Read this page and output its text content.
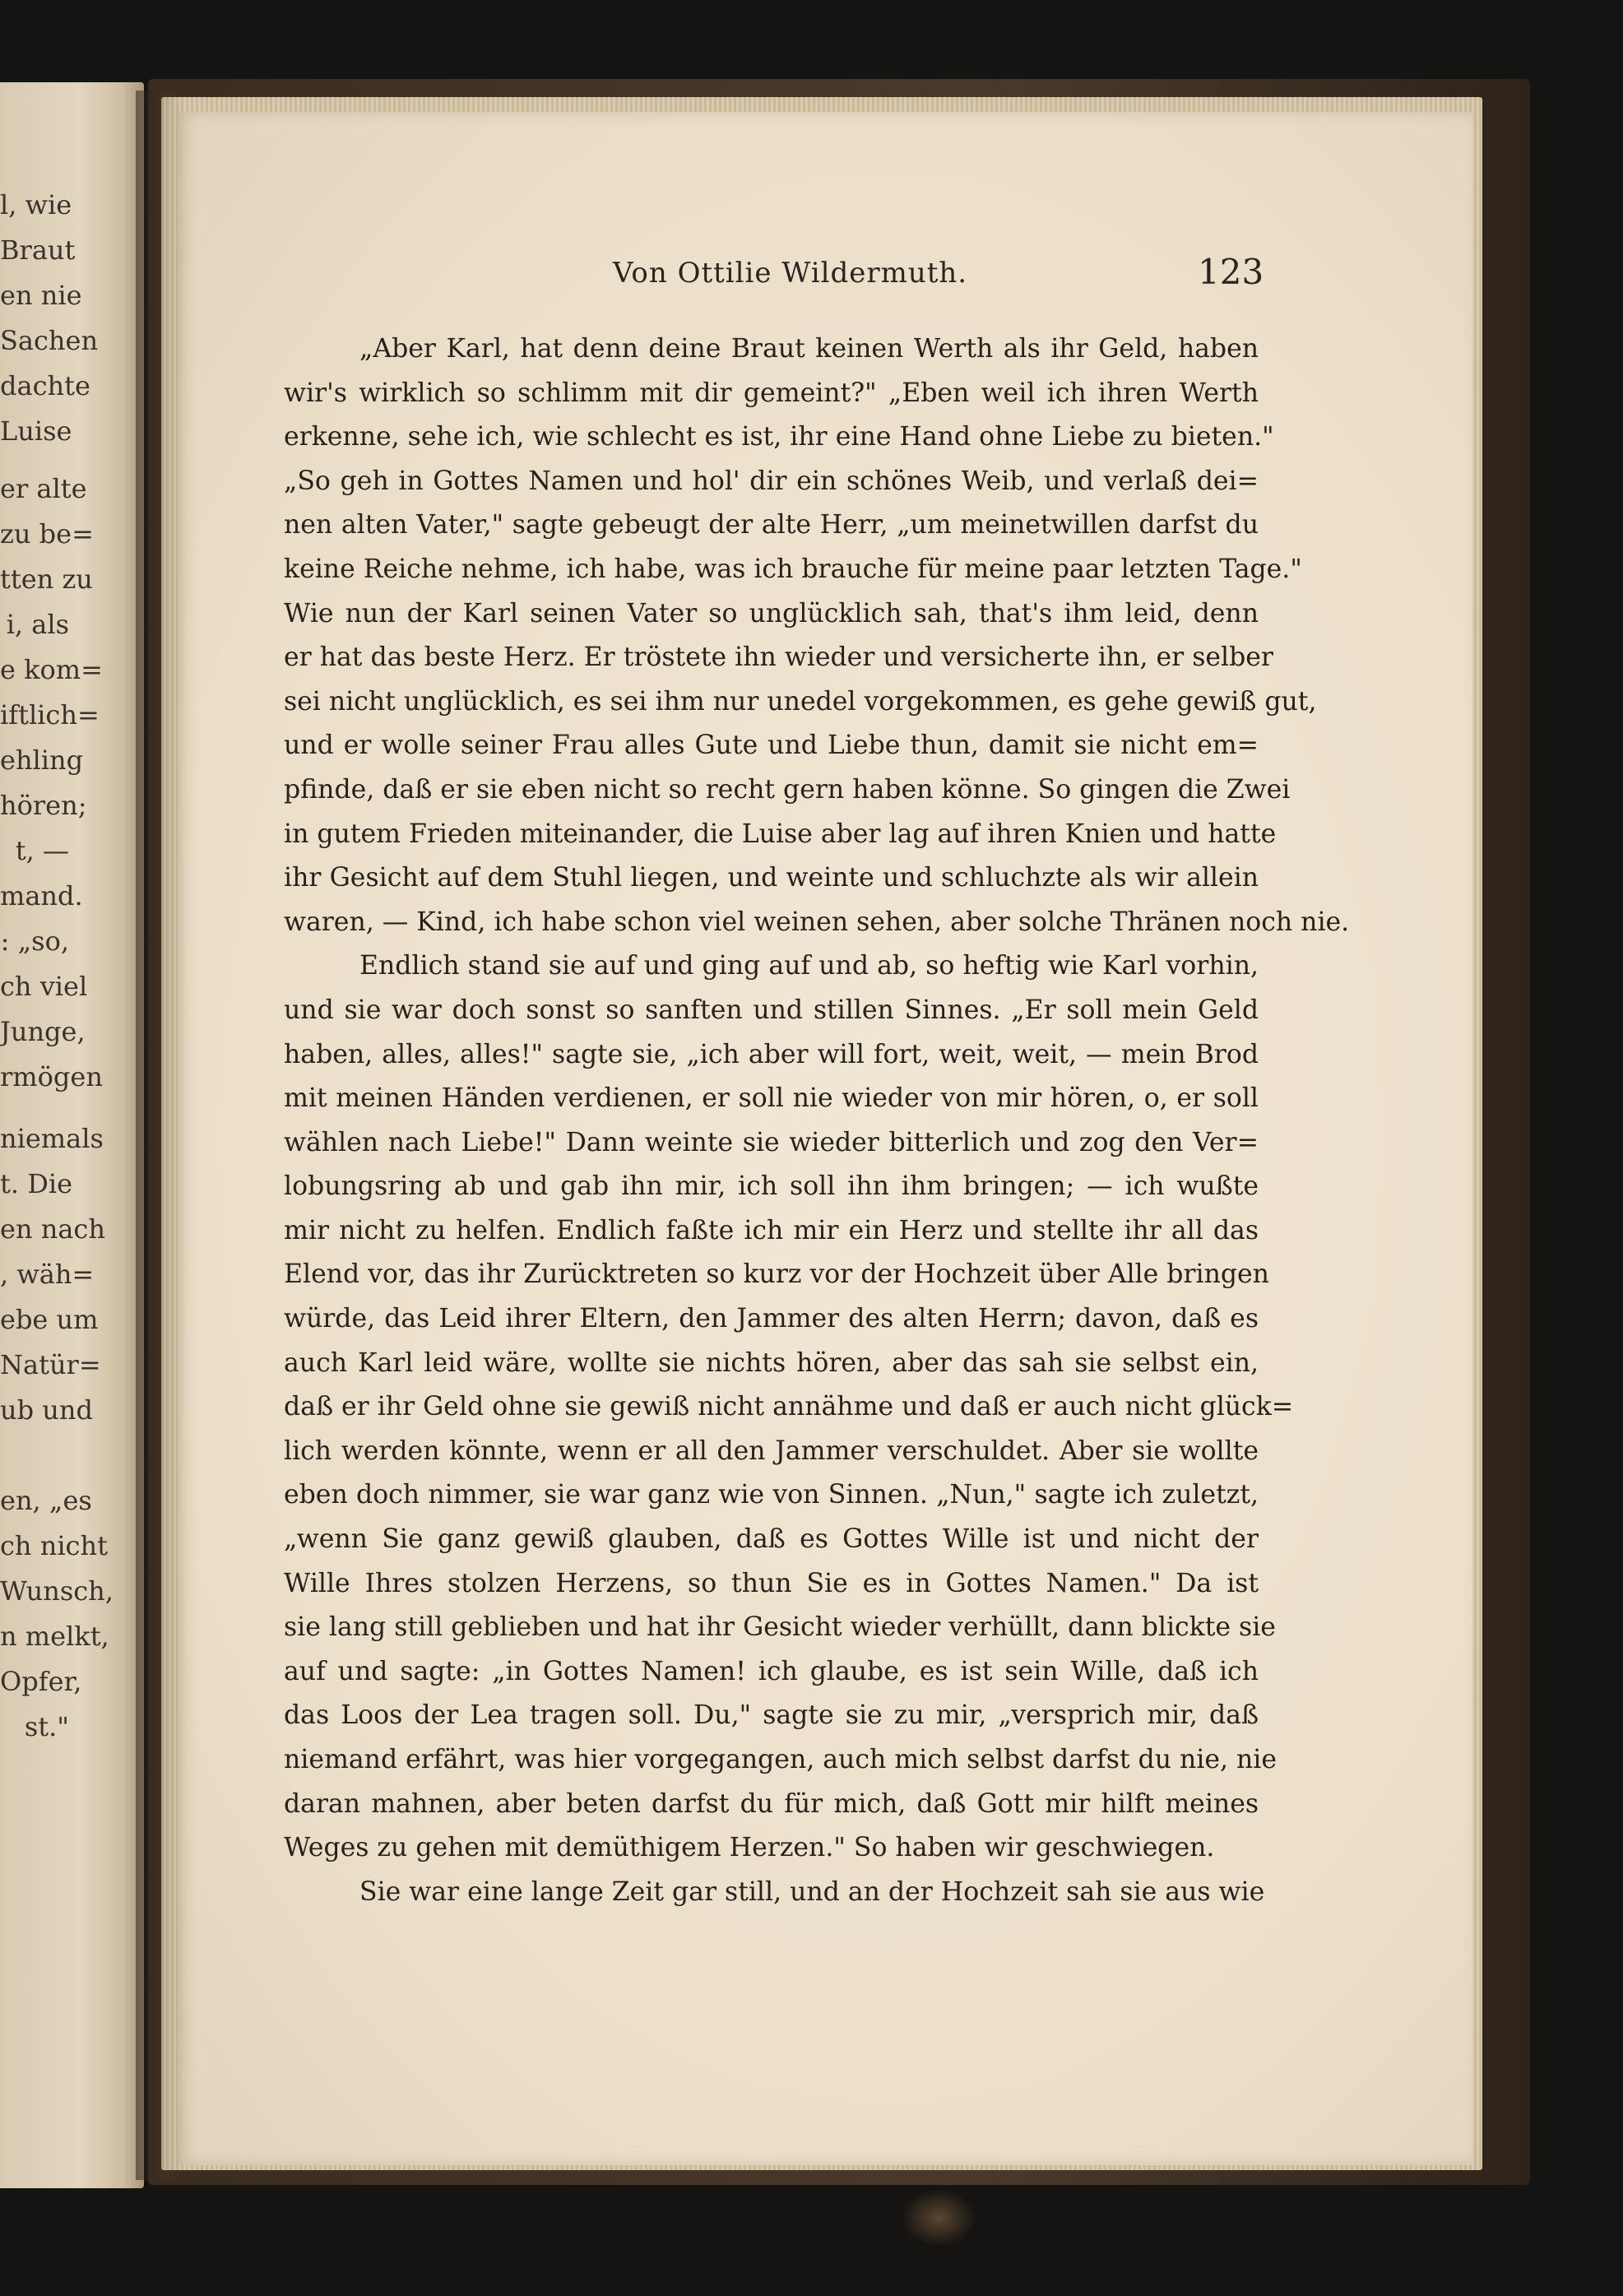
l, wie
Braut
en nie
Sachen
dachte
Luise
er alte
zu be=
tten zu
i, als
e kom=
iftlich=
ehling
hören;
t, —
mand.
: „so,
ch viel
Junge,
rmögen
niemals
t. Die
en nach
, wäh=
ebe um
Natür=
ub und
en, „es
ch nicht
Wunsch,
n melkt,
Opfer,
st."
Von Ottilie Wildermuth.	123
„Aber Karl, hat denn deine Braut keinen Werth als ihr Geld, haben
wir's wirklich so schlimm mit dir gemeint?" „Eben weil ich ihren Werth
erkenne, sehe ich, wie schlecht es ist, ihr eine Hand ohne Liebe zu bieten."
„So geh in Gottes Namen und hol' dir ein schönes Weib, und verlaß dei=
nen alten Vater," sagte gebeugt der alte Herr, „um meinetwillen darfst du
keine Reiche nehme, ich habe, was ich brauche für meine paar letzten Tage."
Wie nun der Karl seinen Vater so unglücklich sah, that's ihm leid, denn
er hat das beste Herz. Er tröstete ihn wieder und versicherte ihn, er selber
sei nicht unglücklich, es sei ihm nur unedel vorgekommen, es gehe gewiß gut,
und er wolle seiner Frau alles Gute und Liebe thun, damit sie nicht em=
pfinde, daß er sie eben nicht so recht gern haben könne. So gingen die Zwei
in gutem Frieden miteinander, die Luise aber lag auf ihren Knien und hatte
ihr Gesicht auf dem Stuhl liegen, und weinte und schluchzte als wir allein
waren, — Kind, ich habe schon viel weinen sehen, aber solche Thränen noch nie.
Endlich stand sie auf und ging auf und ab, so heftig wie Karl vorhin,
und sie war doch sonst so sanften und stillen Sinnes. „Er soll mein Geld
haben, alles, alles!" sagte sie, „ich aber will fort, weit, weit, — mein Brod
mit meinen Händen verdienen, er soll nie wieder von mir hören, o, er soll
wählen nach Liebe!" Dann weinte sie wieder bitterlich und zog den Ver=
lobungsring ab und gab ihn mir, ich soll ihn ihm bringen; — ich wußte
mir nicht zu helfen. Endlich faßte ich mir ein Herz und stellte ihr all das
Elend vor, das ihr Zurücktreten so kurz vor der Hochzeit über Alle bringen
würde, das Leid ihrer Eltern, den Jammer des alten Herrn; davon, daß es
auch Karl leid wäre, wollte sie nichts hören, aber das sah sie selbst ein,
daß er ihr Geld ohne sie gewiß nicht annähme und daß er auch nicht glück=
lich werden könnte, wenn er all den Jammer verschuldet. Aber sie wollte
eben doch nimmer, sie war ganz wie von Sinnen. „Nun," sagte ich zuletzt,
„wenn Sie ganz gewiß glauben, daß es Gottes Wille ist und nicht der
Wille Ihres stolzen Herzens, so thun Sie es in Gottes Namen." Da ist
sie lang still geblieben und hat ihr Gesicht wieder verhüllt, dann blickte sie
auf und sagte: „in Gottes Namen! ich glaube, es ist sein Wille, daß ich
das Loos der Lea tragen soll. Du," sagte sie zu mir, „versprich mir, daß
niemand erfährt, was hier vorgegangen, auch mich selbst darfst du nie, nie
daran mahnen, aber beten darfst du für mich, daß Gott mir hilft meines
Weges zu gehen mit demüthigem Herzen." So haben wir geschwiegen.
Sie war eine lange Zeit gar still, und an der Hochzeit sah sie aus wie
